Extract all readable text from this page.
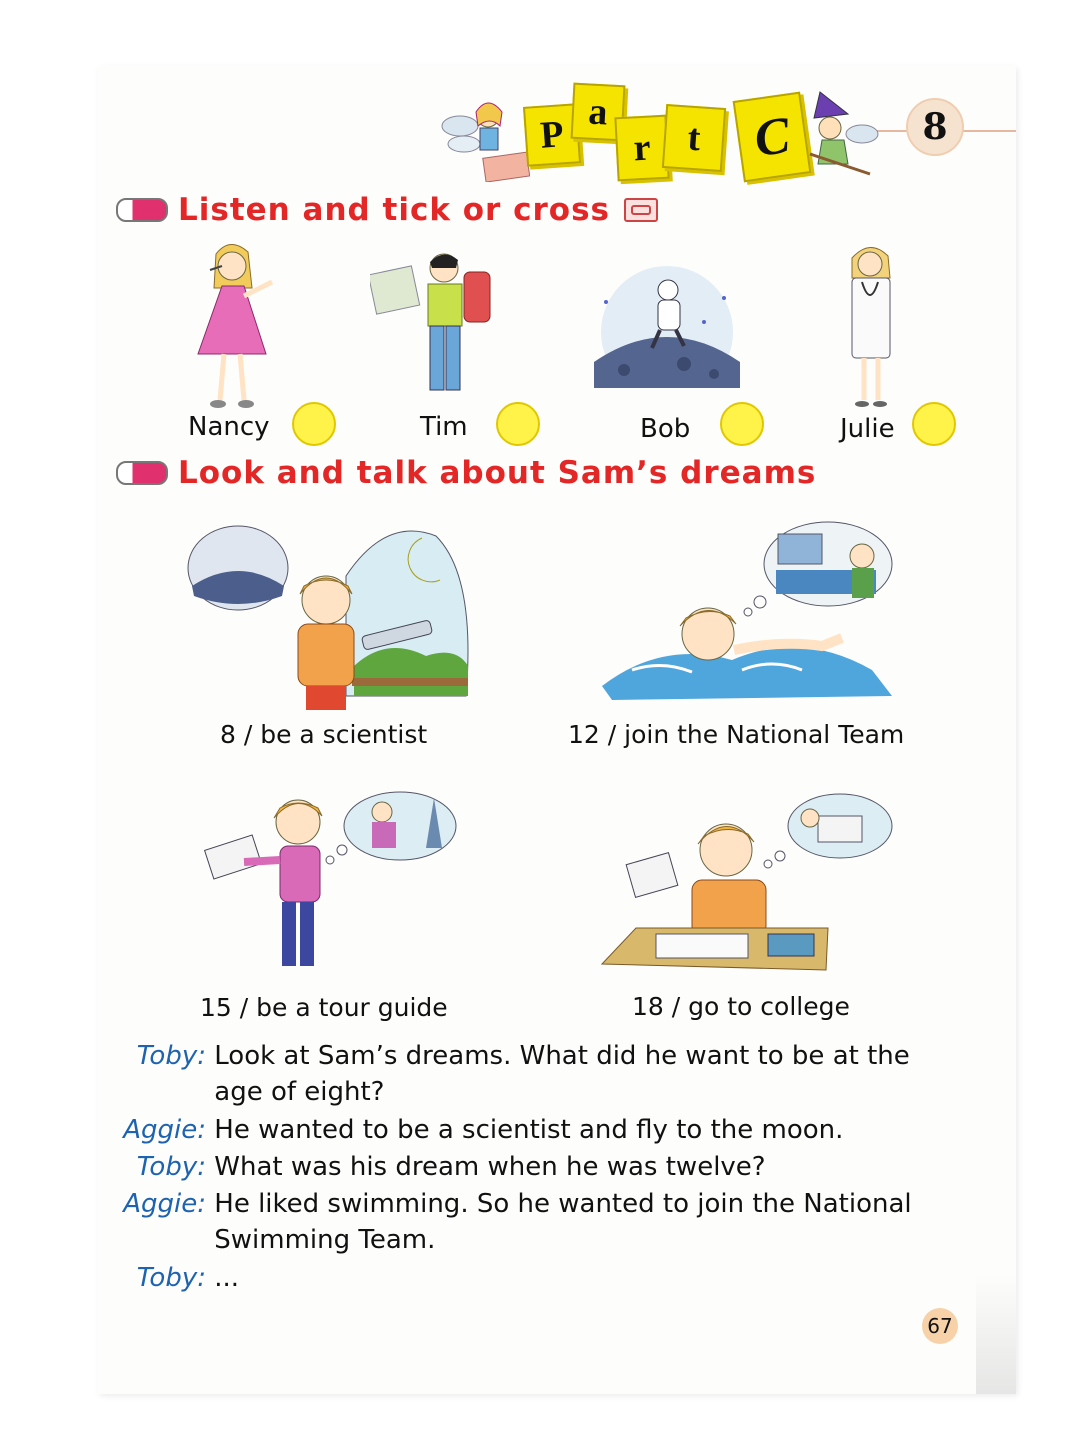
P
a
r t C	8
Listen and tick or cross
Nancy	Tim	Bob	Julie
Look and talk about Sam’s dreams
8 / be a scientist	12 / join the National Team
15 / be a tour guide	18 / go to college
Toby: Look at Sam’s dreams. What did he want to be at the age of eight?
Aggie: He wanted to be a scientist and fly to the moon.
Toby: What was his dream when he was twelve?
Aggie: He liked swimming. So he wanted to join the National Swimming Team.
Toby: ...
67
